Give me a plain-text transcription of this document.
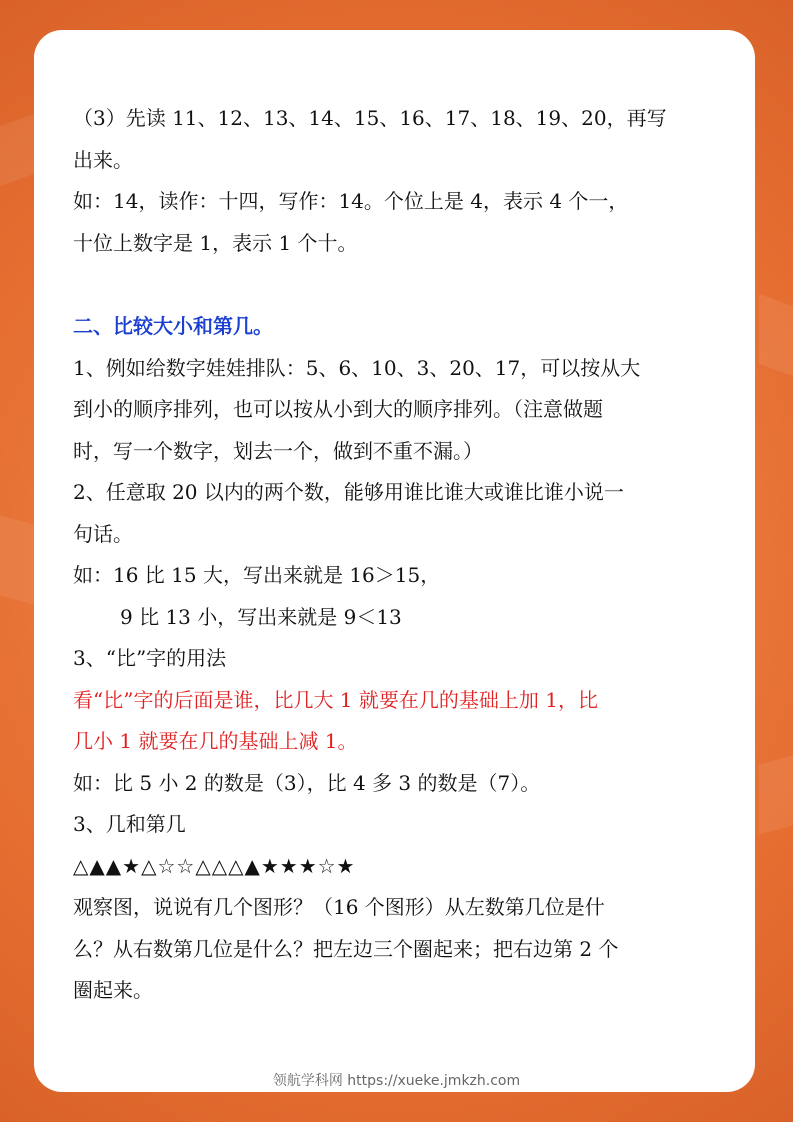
（3）先读 11、12、13、14、15、16、17、18、19、20，再写

出来。

如：14，读作：十四，写作：14。个位上是 4，表示 4 个一，

十位上数字是 1，表示 1 个十。

二、比较大小和第几。

1、例如给数字娃娃排队：5、6、10、3、20、17，可以按从大

到小的顺序排列，也可以按从小到大的顺序排列。（注意做题

时，写一个数字，划去一个，做到不重不漏。）

2、任意取 20 以内的两个数，能够用谁比谁大或谁比谁小说一

句话。

如：16 比 15 大，写出来就是 16＞15，

9 比 13 小，写出来就是 9＜13

3、“比”字的用法

看“比”字的后面是谁，比几大 1 就要在几的基础上加 1，比

几小 1 就要在几的基础上减 1。

如：比 5 小 2 的数是（3），比 4 多 3 的数是（7）。

3、几和第几

△▲▲★△☆☆△△△▲★★★☆★

观察图，说说有几个图形？（16 个图形）从左数第几位是什

么？从右数第几位是什么？把左边三个圈起来；把右边第 2 个

圈起来。

领航学科网 https://xueke.jmkzh.com
